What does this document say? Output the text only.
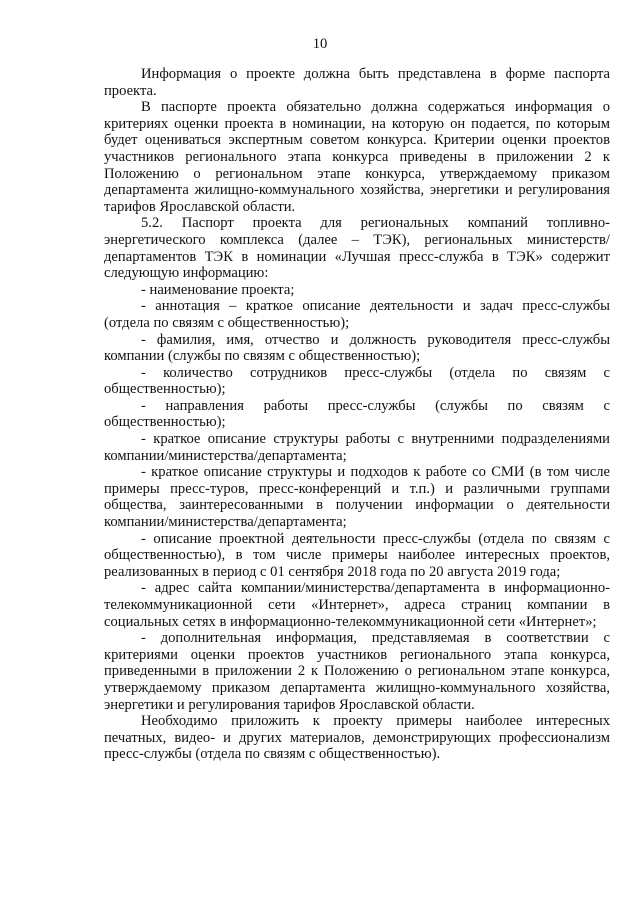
10

Информация о проекте должна быть представлена в форме паспорта проекта.

В паспорте проекта обязательно должна содержаться информация о критериях оценки проекта в номинации, на которую он подается, по которым будет оцениваться экспертным советом конкурса. Критерии оценки проектов участников регионального этапа конкурса приведены в приложении 2 к Положению о региональном этапе конкурса, утверждаемому приказом департамента жилищно-коммунального хозяйства, энергетики и регулирования тарифов Ярославской области.

5.2. Паспорт проекта для региональных компаний топливно-энергетического комплекса (далее – ТЭК), региональных министерств/департаментов ТЭК в номинации «Лучшая пресс-служба в ТЭК» содержит следующую информацию:

- наименование проекта;

- аннотация – краткое описание деятельности и задач пресс-службы (отдела по связям с общественностью);

- фамилия, имя, отчество и должность руководителя пресс-службы компании (службы по связям с общественностью);

- количество сотрудников пресс-службы (отдела по связям с общественностью);

- направления работы пресс-службы (службы по связям с общественностью);

- краткое описание структуры работы с внутренними подразделениями компании/министерства/департамента;

- краткое описание структуры и подходов к работе со СМИ (в том числе примеры пресс-туров, пресс-конференций и т.п.) и различными группами общества, заинтересованными в получении информации о деятельности компании/министерства/департамента;

- описание проектной деятельности пресс-службы (отдела по связям с общественностью), в том числе примеры наиболее интересных проектов, реализованных в период с 01 сентября 2018 года по 20 августа 2019 года;

- адрес сайта компании/министерства/департамента в информационно-телекоммуникационной сети «Интернет», адреса страниц компании в социальных сетях в информационно-телекоммуникационной сети «Интернет»;

- дополнительная информация, представляемая в соответствии с критериями оценки проектов участников регионального этапа конкурса, приведенными в приложении 2 к Положению о региональном этапе конкурса, утверждаемому приказом департамента жилищно-коммунального хозяйства, энергетики и регулирования тарифов Ярославской области.

Необходимо приложить к проекту примеры наиболее интересных печатных, видео- и других материалов, демонстрирующих профессионализм пресс-службы (отдела по связям с общественностью).
